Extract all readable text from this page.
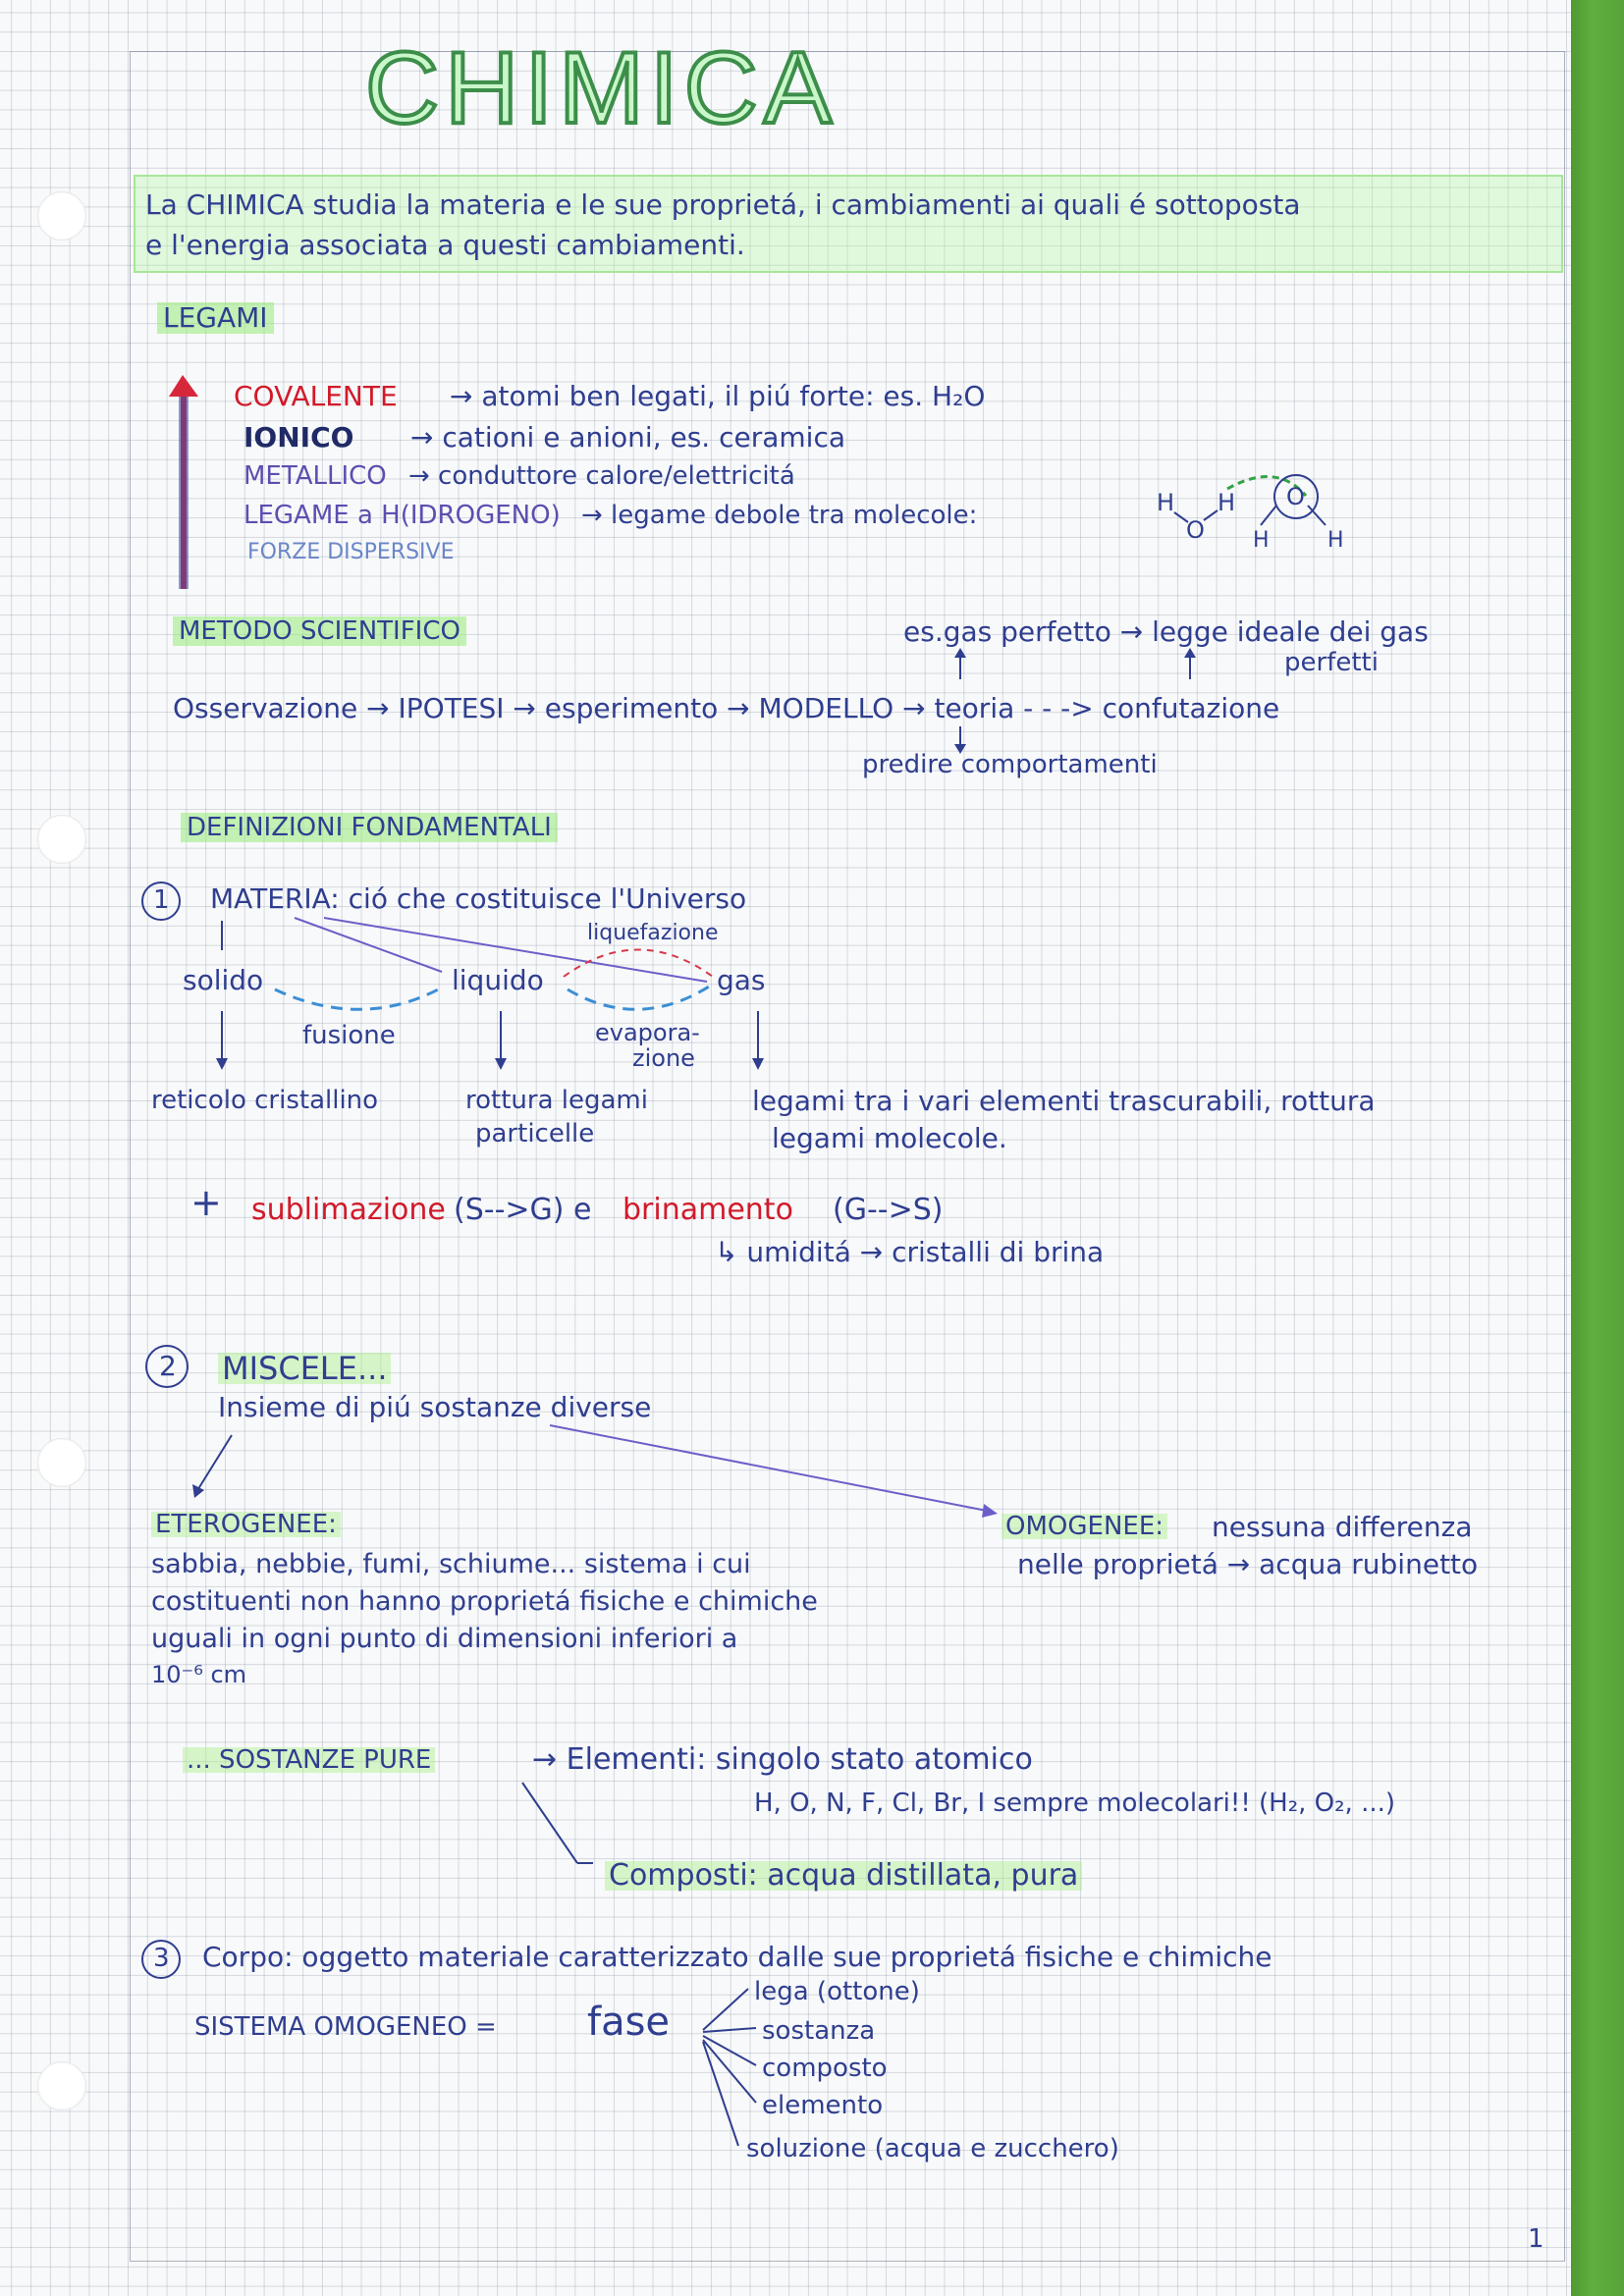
CHIMICA
La CHIMICA studia la materia e le sue proprietá, i cambiamenti ai quali é sottoposta
e l'energia associata a questi cambiamenti.
LEGAMI
COVALENTE → atomi ben legati, il piú forte: es. H₂O
IONICO → cationi e anioni, es. ceramica
METALLICO → conduttore calore/elettricitá
LEGAME a H(IDROGENO) → legame debole tra molecole:
FORZE DISPERSIVE
H
O
H O
H	H
METODO SCIENTIFICO	es.gas perfetto → legge ideale dei gas
perfetti
Osservazione → IPOTESI → esperimento → MODELLO → teoria - - -> confutazione
predire comportamenti
DEFINIZIONI FONDAMENTALI
1 MATERIA: ció che costituisce l'Universo
solido	liquido	gas
liquefazione
fusione	evapora-
zione
reticolo cristallino	rottura legami
particelle
legami tra i vari elementi trascurabili, rottura
legami molecole.
+ sublimazione (S-->G) e brinamento (G-->S)
↳ umiditá → cristalli di brina
2 MISCELE...
Insieme di piú sostanze diverse
ETEROGENEE:
sabbia, nebbie, fumi, schiume... sistema i cui
costituenti non hanno proprietá fisiche e chimiche
uguali in ogni punto di dimensioni inferiori a
10⁻⁶ cm
OMOGENEE: nessuna differenza
nelle proprietá → acqua rubinetto
... SOSTANZE PURE	→ Elementi: singolo stato atomico
H, O, N, F, Cl, Br, I sempre molecolari!! (H₂, O₂, ...)
Composti: acqua distillata, pura
3 Corpo: oggetto materiale caratterizzato dalle sue proprietá fisiche e chimiche
SISTEMA OMOGENEO = fase
lega (ottone)
sostanza
composto
elemento
soluzione (acqua e zucchero)
1
